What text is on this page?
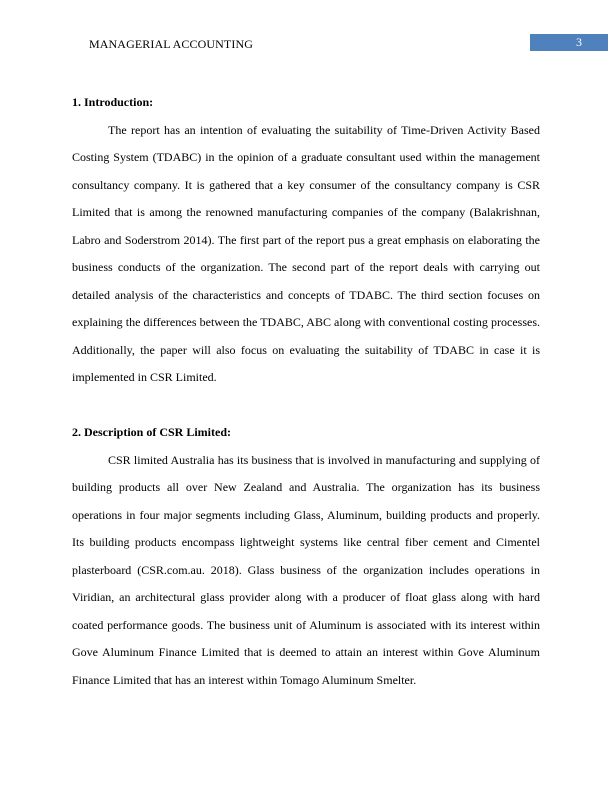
MANAGERIAL ACCOUNTING	3

1. Introduction:

The report has an intention of evaluating the suitability of Time-Driven Activity Based Costing System (TDABC) in the opinion of a graduate consultant used within the management consultancy company. It is gathered that a key consumer of the consultancy company is CSR Limited that is among the renowned manufacturing companies of the company (Balakrishnan, Labro and Soderstrom 2014). The first part of the report pus a great emphasis on elaborating the business conducts of the organization. The second part of the report deals with carrying out detailed analysis of the characteristics and concepts of TDABC. The third section focuses on explaining the differences between the TDABC, ABC along with conventional costing processes. Additionally, the paper will also focus on evaluating the suitability of TDABC in case it is implemented in CSR Limited.

2. Description of CSR Limited:

CSR limited Australia has its business that is involved in manufacturing and supplying of building products all over New Zealand and Australia. The organization has its business operations in four major segments including Glass, Aluminum, building products and properly. Its building products encompass lightweight systems like central fiber cement and Cimentel plasterboard (CSR.com.au. 2018). Glass business of the organization includes operations in Viridian, an architectural glass provider along with a producer of float glass along with hard coated performance goods. The business unit of Aluminum is associated with its interest within Gove Aluminum Finance Limited that is deemed to attain an interest within Gove Aluminum Finance Limited that has an interest within Tomago Aluminum Smelter.
